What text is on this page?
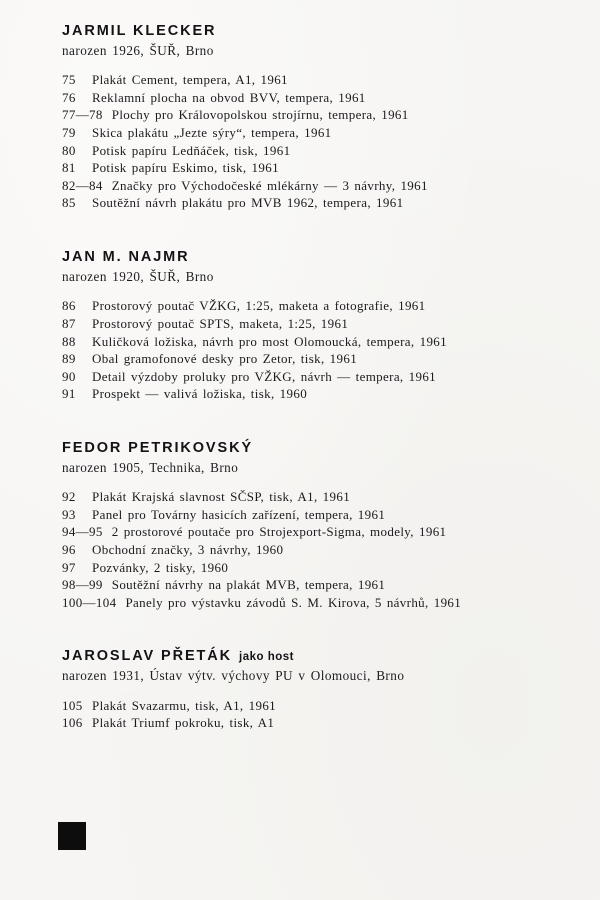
JARMIL KLECKER

narozen 1926, ŠUŘ, Brno

75 Plakát Cement, tempera, A1, 1961
76 Reklamní plocha na obvod BVV, tempera, 1961
77—78 Plochy pro Královopolskou strojírnu, tempera, 1961
79 Skica plakátu „Jezte sýry“, tempera, 1961
80 Potisk papíru Ledňáček, tisk, 1961
81 Potisk papíru Eskimo, tisk, 1961
82—84 Značky pro Východočeské mlékárny — 3 návrhy, 1961
85 Soutěžní návrh plakátu pro MVB 1962, tempera, 1961
JAN M. NAJMR

narozen 1920, ŠUŘ, Brno

86 Prostorový poutač VŽKG, 1:25, maketa a fotografie, 1961
87 Prostorový poutač SPTS, maketa, 1:25, 1961
88 Kuličková ložiska, návrh pro most Olomoucká, tempera, 1961
89 Obal gramofonové desky pro Zetor, tisk, 1961
90 Detail výzdoby proluky pro VŽKG, návrh — tempera, 1961
91 Prospekt — valivá ložiska, tisk, 1960
FEDOR PETRIKOVSKÝ

narozen 1905, Technika, Brno

92 Plakát Krajská slavnost SČSP, tisk, A1, 1961
93 Panel pro Továrny hasicích zařízení, tempera, 1961
94—95 2 prostorové poutače pro Strojexport-Sigma, modely, 1961
96 Obchodní značky, 3 návrhy, 1960
97 Pozvánky, 2 tisky, 1960
98—99 Soutěžní návrhy na plakát MVB, tempera, 1961
100—104 Panely pro výstavku závodů S. M. Kirova, 5 návrhů, 1961
JAROSLAV PŘETÁK jako host

narozen 1931, Ústav výtv. výchovy PU v Olomouci, Brno

105 Plakát Svazarmu, tisk, A1, 1961
106 Plakát Triumf pokroku, tisk, A1
